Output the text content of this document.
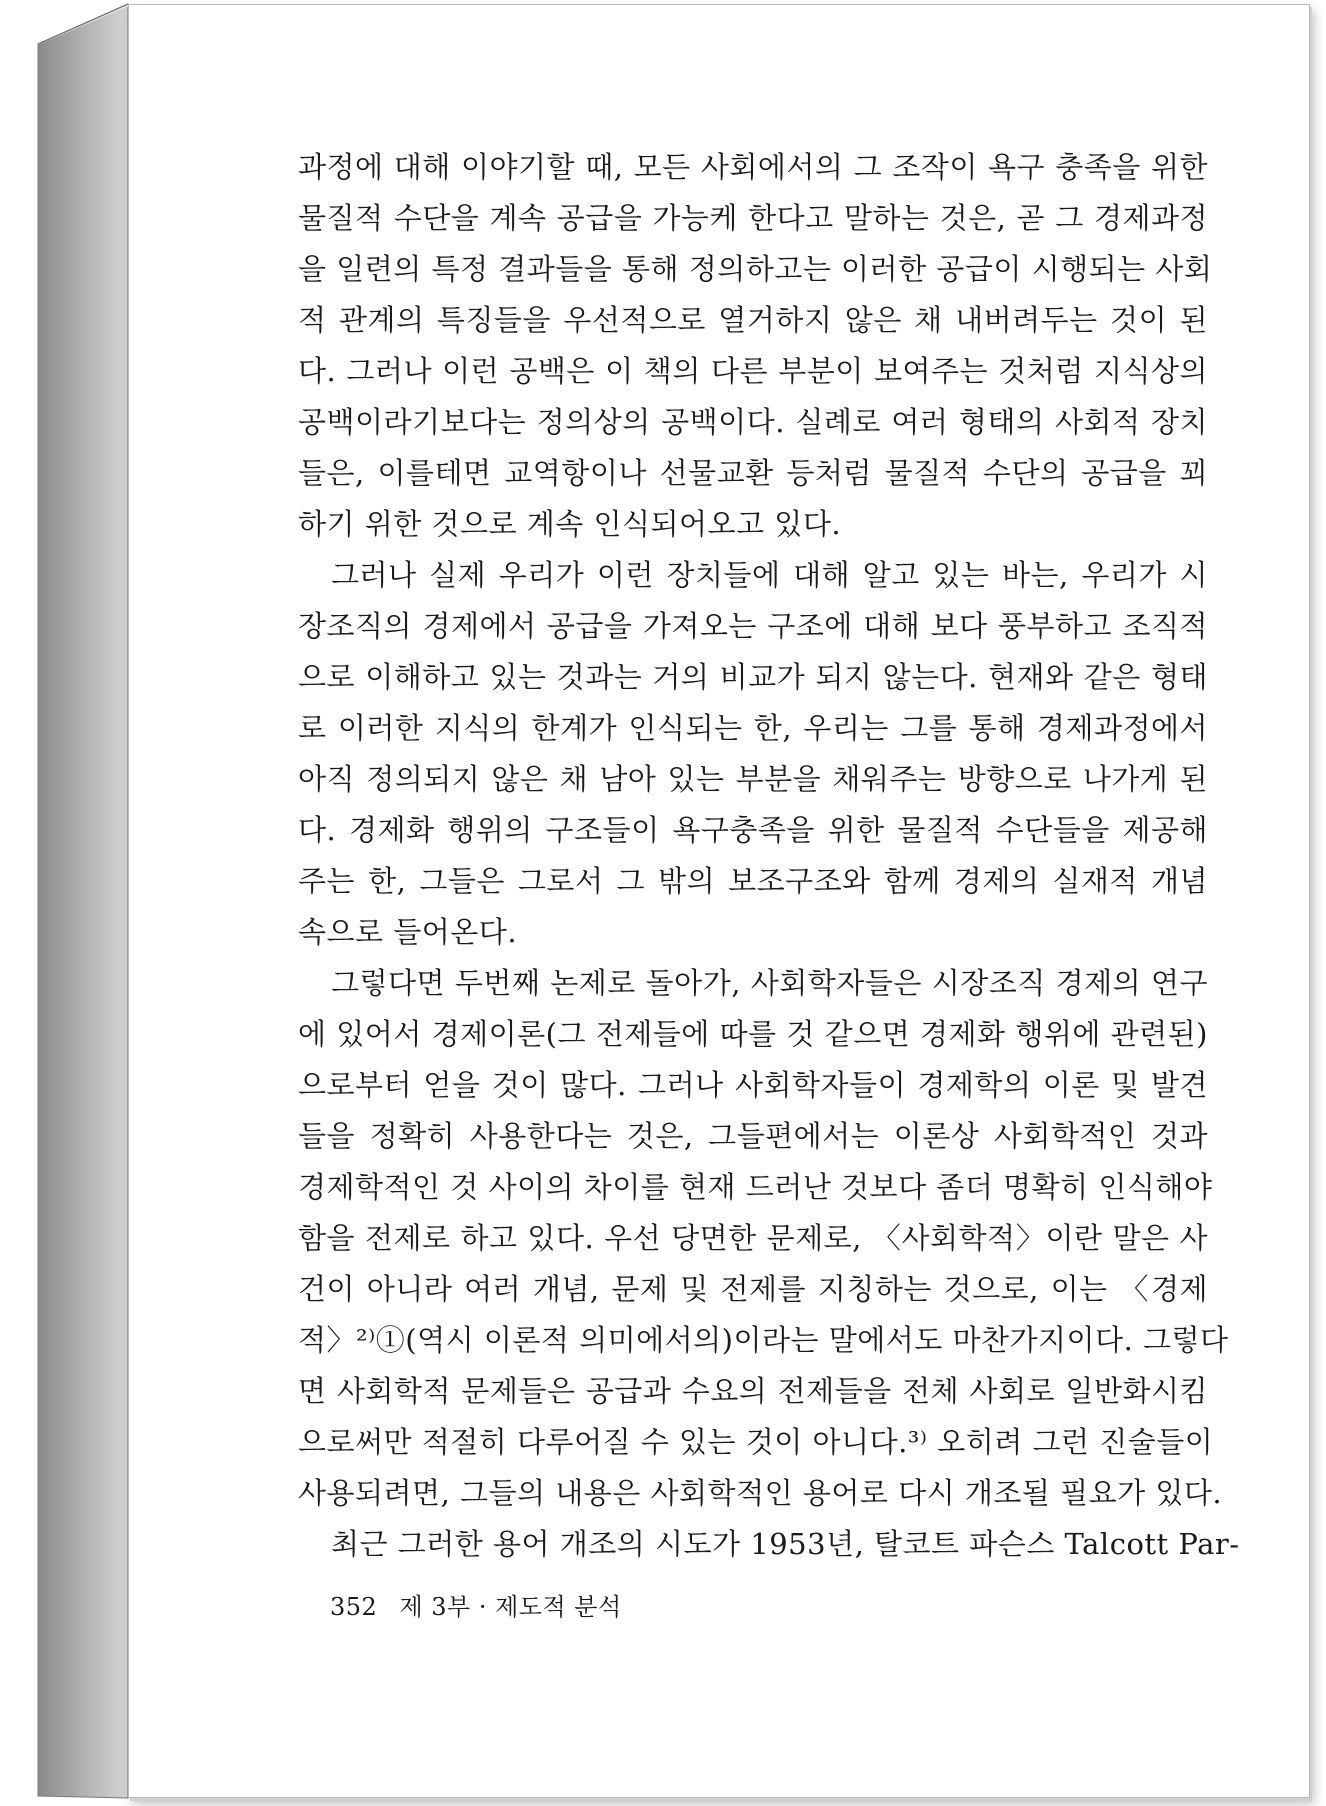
과정에 대해 이야기할 때, 모든 사회에서의 그 조작이 욕구 충족을 위한
물질적 수단을 계속 공급을 가능케 한다고 말하는 것은, 곧 그 경제과정
을 일련의 특정 결과들을 통해 정의하고는 이러한 공급이 시행되는 사회
적 관계의 특징들을 우선적으로 열거하지 않은 채 내버려두는 것이 된
다. 그러나 이런 공백은 이 책의 다른 부분이 보여주는 것처럼 지식상의
공백이라기보다는 정의상의 공백이다. 실례로 여러 형태의 사회적 장치
들은, 이를테면 교역항이나 선물교환 등처럼 물질적 수단의 공급을 꾀
하기 위한 것으로 계속 인식되어오고 있다.
그러나 실제 우리가 이런 장치들에 대해 알고 있는 바는, 우리가 시
장조직의 경제에서 공급을 가져오는 구조에 대해 보다 풍부하고 조직적
으로 이해하고 있는 것과는 거의 비교가 되지 않는다. 현재와 같은 형태
로 이러한 지식의 한계가 인식되는 한, 우리는 그를 통해 경제과정에서
아직 정의되지 않은 채 남아 있는 부분을 채워주는 방향으로 나가게 된
다. 경제화 행위의 구조들이 욕구충족을 위한 물질적 수단들을 제공해
주는 한, 그들은 그로서 그 밖의 보조구조와 함께 경제의 실재적 개념
속으로 들어온다.
그렇다면 두번째 논제로 돌아가, 사회학자들은 시장조직 경제의 연구
에 있어서 경제이론(그 전제들에 따를 것 같으면 경제화 행위에 관련된)
으로부터 얻을 것이 많다. 그러나 사회학자들이 경제학의 이론 및 발견
들을 정확히 사용한다는 것은, 그들편에서는 이론상 사회학적인 것과
경제학적인 것 사이의 차이를 현재 드러난 것보다 좀더 명확히 인식해야
함을 전제로 하고 있다. 우선 당면한 문제로, 〈사회학적〉이란 말은 사
건이 아니라 여러 개념, 문제 및 전제를 지칭하는 것으로, 이는 〈경제
적〉²⁾①(역시 이론적 의미에서의)이라는 말에서도 마찬가지이다. 그렇다
면 사회학적 문제들은 공급과 수요의 전제들을 전체 사회로 일반화시킴
으로써만 적절히 다루어질 수 있는 것이 아니다.³⁾ 오히려 그런 진술들이
사용되려면, 그들의 내용은 사회학적인 용어로 다시 개조될 필요가 있다.
최근 그러한 용어 개조의 시도가 1953년, 탈코트 파슨스 Talcott Par-
352 제 3부 · 제도적 분석
